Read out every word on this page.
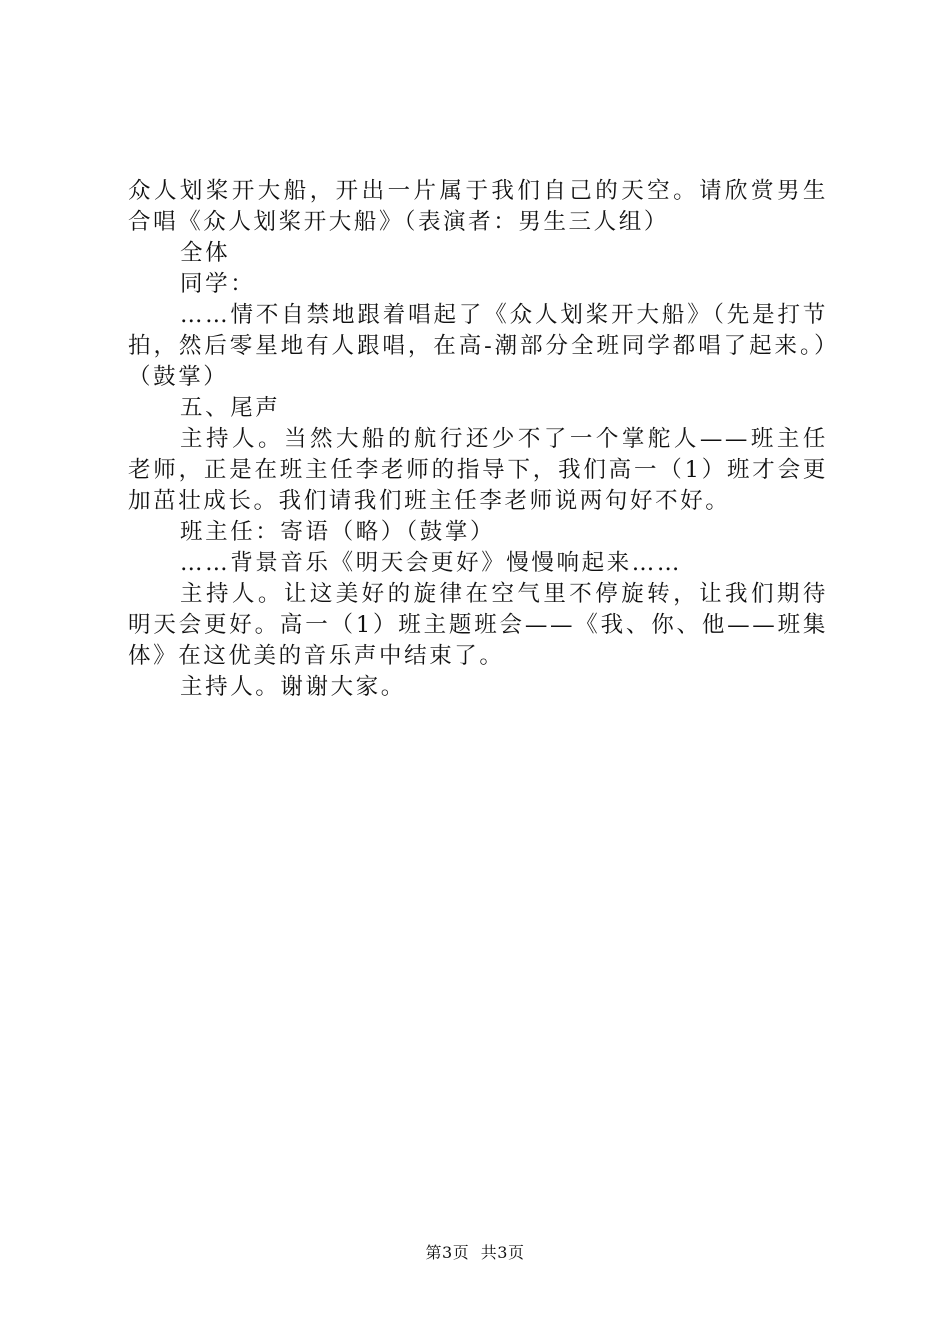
众人划桨开大船，开出一片属于我们自己的天空。请欣赏男生合唱《众人划桨开大船》（表演者：男生三人组）

全体

同学：

……情不自禁地跟着唱起了《众人划桨开大船》（先是打节拍，然后零星地有人跟唱，在高-潮部分全班同学都唱了起来。）（鼓掌）

五、尾声

主持人。当然大船的航行还少不了一个掌舵人——班主任老师，正是在班主任李老师的指导下，我们高一（1）班才会更加茁壮成长。我们请我们班主任李老师说两句好不好。

班主任：寄语（略）（鼓掌）

……背景音乐《明天会更好》慢慢响起来……

主持人。让这美好的旋律在空气里不停旋转，让我们期待明天会更好。高一（1）班主题班会——《我、你、他——班集体》在这优美的音乐声中结束了。

主持人。谢谢大家。

第3页 共3页
